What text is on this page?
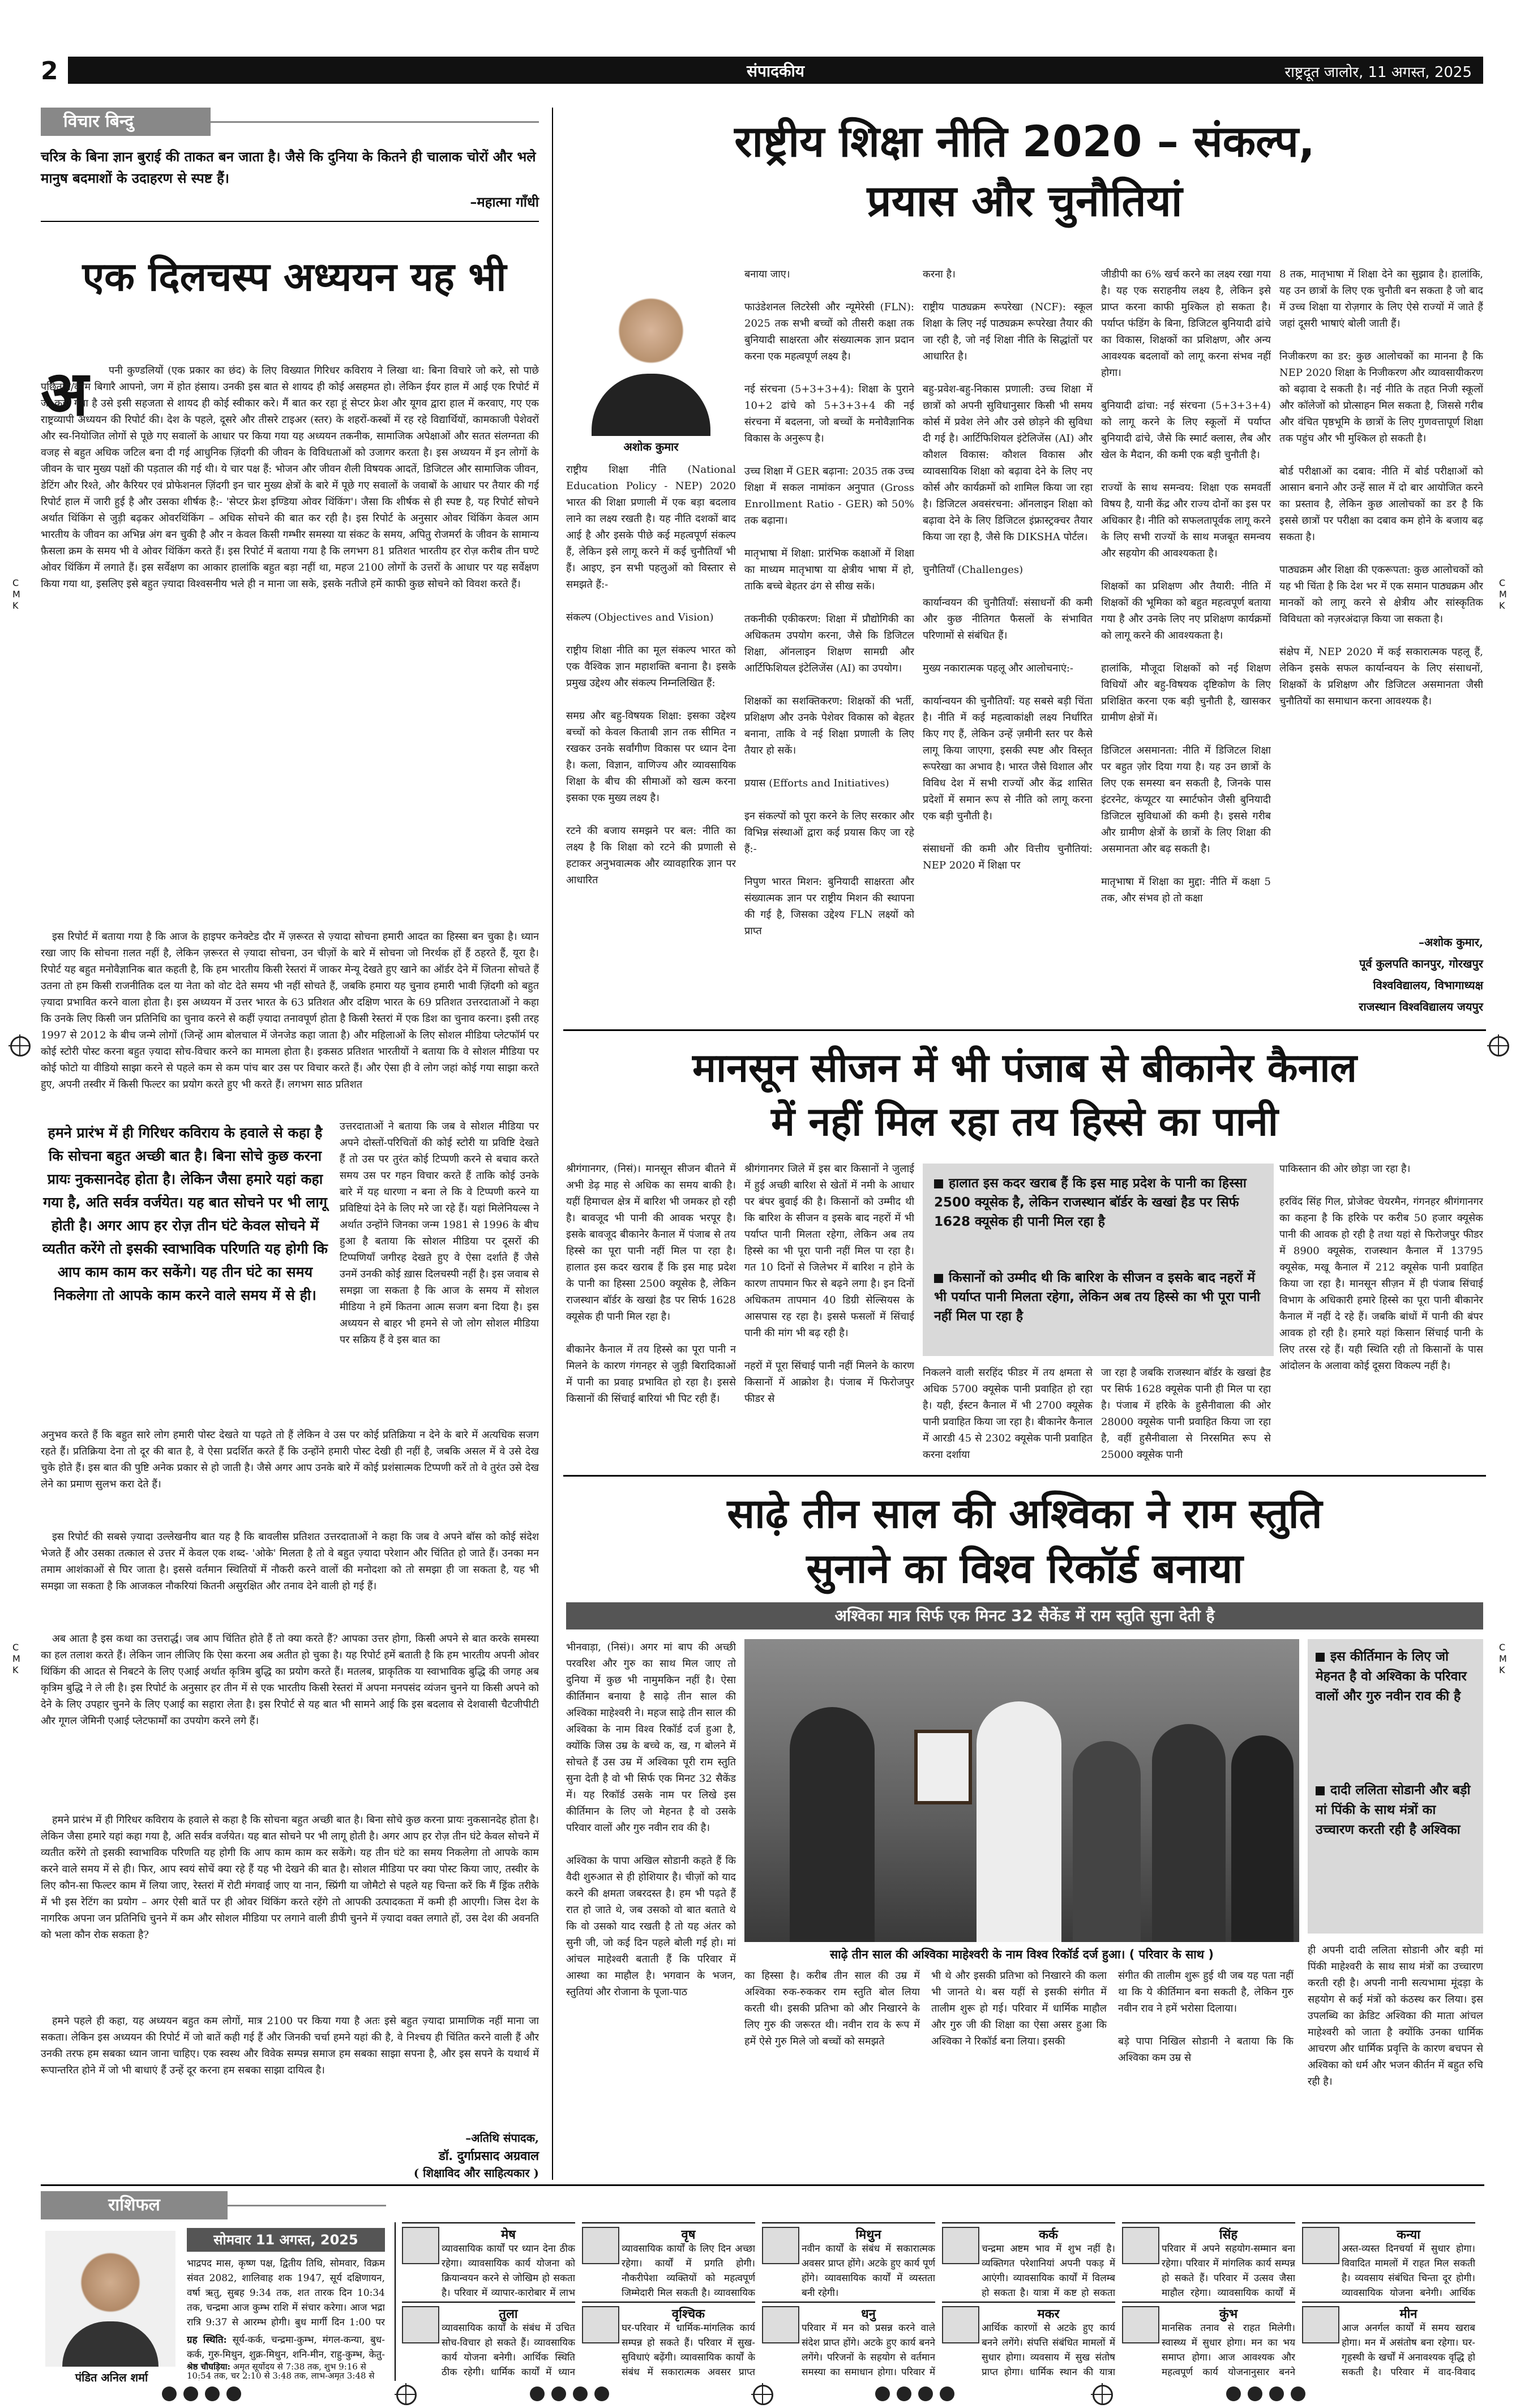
2	संपादकीय	राष्ट्रदूत जालोर, 11 अगस्त, 2025
CMK
CMK
CMK
CMK
विचार बिन्दु
चरित्र के बिना ज्ञान बुराई की ताकत बन जाता है। जैसे कि दुनिया के कितने ही चालाक चोरों और भले मानुष बदमाशों के उदाहरण से स्पष्ट हैं।
–महात्मा गाँधी
एक दिलचस्प अध्ययन यह भी
अ	पनी कुण्डलियों (एक प्रकार का छंद) के लिए विख्यात गिरिधर कविराय ने लिखा था: बिना विचारे जो करे, सो पाछे पछिताय/काम बिगारै आपनो, जग में होत हंसाय। उनकी इस बात से शायद ही कोई असहमत हो। लेकिन ईयर हाल में आई एक रिपोर्ट में जो कहा गया है उसे इसी सहजता से शायद ही कोई स्वीकार करेे। मैं बात कर रहा हूं सेप्टर फ्रेश और यूगव द्वारा हाल में करवाए, गए एक राष्ट्रव्यापी अध्ययन की रिपोर्ट की। देश के पहले, दूसरे और तीसरे टाइअर (स्तर) के शहरों-कस्बों में रह रहे विद्यार्थियों, कामकाजी पेशेवरों और स्व-नियोजित लोगों से पूछे गए सवालों के आधार पर किया गया यह अध्ययन तकनीक, सामाजिक अपेक्षाओं और सतत संलग्नता की वजह से बहुत अधिक जटिल बना दी गई आधुनिक ज़िंदगी की जीवन के विविधताओं को उजागर करता है। इस अध्ययन में इन लोगों के जीवन के चार मुख्य पक्षों की पड़ताल की गई थी। ये चार पक्ष हैं: भोजन और जीवन शैली विषयक आदतें, डिजिटल और सामाजिक जीवन, डेटिंग और रिश्ते, और कैरियर एवं प्रोफेशनल ज़िंदगी इन चार मुख्य क्षेत्रों के बारे में पूछे गए सवालों के जवाबों के आधार पर तैयार की गई रिपोर्ट हाल में जारी हुई है और उसका शीर्षक है:- 'सेप्टर फ्रेश इण्डिया ओवर थिंकिंग'। जैसा कि शीर्षक से ही स्पष्ट है, यह रिपोर्ट सोचने अर्थात थिंकिंग से जुड़ी बढ़कर ओवरथिंकिंग – अधिक सोचने की बात कर रही है। इस रिपोर्ट के अनुसार ओवर थिंकिंग केवल आम भारतीय के जीवन का अभिन्न अंग बन चुकी है और न केवल किसी गम्भीर समस्या या संकट के समय, अपितु रोजमर्रा के जीवन के सामान्य फ़ैसला क्रम के समय भी वे ओवर थिंकिंग करते हैं। इस रिपोर्ट में बताया गया है कि लगभग 81 प्रतिशत भारतीय हर रोज़ करीब तीन घण्टे ओवर थिंकिंग में लगाते हैं। इस सर्वेक्षण का आकार हालांकि बहुत बड़ा नहीं था, महज 2100 लोगों के उत्तरों के आधार पर यह सर्वेक्षण किया गया था, इसलिए इसे बहुत ज़्यादा विश्वसनीय भले ही न माना जा सके, इसके नतीजे हमें काफी कुछ सोचने को विवश करते हैं।
इस रिपोर्ट में बताया गया है कि आज के हाइपर कनेक्टेड दौर में ज़रूरत से ज़्यादा सोचना हमारी आदत का हिस्सा बन चुका है। ध्यान रखा जाए कि सोचना ग़लत नहीं है, लेकिन ज़रूरत से ज़्यादा सोचना, उन चीज़ों के बारे में सोचना जो निरर्थक हों हैं ठहरते हैं, यूरा है। रिपोर्ट यह बहुत मनोवैज्ञानिक बात कहती है, कि हम भारतीय किसी रेस्तरां में जाकर मेन्यू देखते हुए खाने का ऑर्डर देने में जितना सोचते हैं उतना तो हम किसी राजनीतिक दल या नेता को वोट देते समय भी नहीं सोचते हैं, जबकि हमारा यह चुनाव हमारी भावी ज़िंदगी को बहुत ज़्यादा प्रभावित करने वाला होता है। इस अध्ययन में उत्तर भारत के 63 प्रतिशत और दक्षिण भारत के 69 प्रतिशत उत्तरदाताओं ने कहा कि उनके लिए किसी जन प्रतिनिधि का चुनाव करने से कहीं ज़्यादा तनावपूर्ण होता है किसी रेस्तरां में एक डिश का चुनाव करना। इसी तरह 1997 से 2012 के बीच जन्मे लोगों (जिन्हें आम बोलचाल में जेनजेड कहा जाता है) और महिलाओं के लिए सोशल मीडिया प्लेटफॉर्म पर कोई स्टोरी पोस्ट करना बहुत ज़्यादा सोच-विचार करने का मामला होता है। इकसठ प्रतिशत भारतीयों ने बताया कि वे सोशल मीडिया पर कोई फोटो या वीडियो साझा करने से पहले कम से कम पांच बार उस पर विचार करते हैं। और ऐसा ही वे लोग जहां कोई गया साझा करते हुए, अपनी तस्वीर में किसी फिल्टर का प्रयोग करते हुए भी करते हैं। लगभग साठ प्रतिशत
हमने प्रारंभ में ही गिरिधर कविराय के हवाले से कहा है कि सोचना बहुत अच्छी बात है। बिना सोचे कुछ करना प्रायः नुकसानदेह होता है। लेकिन जैसा हमारे यहां कहा गया है, अति सर्वत्र वर्जयेत। यह बात सोचने पर भी लागू होती है। अगर आप हर रोज़ तीन घंटे केवल सोचने में व्यतीत करेंगे तो इसकी स्वाभाविक परिणति यह होगी कि आप काम काम कर सकेंगे। यह तीन घंटे का समय निकलेगा तो आपके काम करने वाले समय में से ही।
उत्तरदाताओं ने बताया कि जब वे सोशल मीडिया पर अपने दोस्तों-परिचितों की कोई स्टोरी या प्रविष्टि देखते हैं तो उस पर तुरंत कोई टिप्पणी करने से बचाव करते समय उस पर गहन विचार करते हैं ताकि कोई उनके बारे में यह धारणा न बना ले कि वे टिप्पणी करने या प्रविष्टियां देने के लिए मरे जा रहे हैं। यहां मिलेनियल्स ने अर्थात उन्होंने जिनका जन्म 1981 से 1996 के बीच हुआ है बताया कि सोशल मीडिया पर दूसरों की टिप्पणियाँ जगीरह देखते हुए वे ऐसा दर्शाते हैं जैसे उनमें उनकी कोई ख़ास दिलचस्पी नहीं है। इस जवाब से समझा जा सकता है कि आज के समय में सोशल मीडिया ने हमें कितना आत्म सजग बना दिया है। इस अध्ययन से बाहर भी हमने से जो लोग सोशल मीडिया पर सक्रिय हैं वे इस बात का
अनुभव करते हैं कि बहुत सारे लोग हमारी पोस्ट देखते या पढ़ते तो हैं लेकिन वे उस पर कोई प्रतिक्रिया न देने के बारे में अत्यधिक सजग रहते हैं। प्रतिक्रिया देना तो दूर की बात है, वे ऐसा प्रदर्शित करते हैं कि उन्होंने हमारी पोस्ट देखी ही नहीं है, जबकि असल में वे उसे देख चुके होते हैं। इस बात की पुष्टि अनेक प्रकार से हो जाती है। जैसे अगर आप उनके बारे में कोई प्रशंसात्मक टिप्पणी करें तो वे तुरंत उसे देख लेने का प्रमाण सुलभ करा देते हैं।
इस रिपोर्ट की सबसे ज़्यादा उल्लेखनीय बात यह है कि बावलीस प्रतिशत उत्तरदाताओं ने कहा कि जब वे अपने बॉस को कोई संदेश भेजते हैं और उसका तत्काल से उत्तर में केवल एक शब्द- 'ओके' मिलता है तो वे बहुत ज़्यादा परेशान और चिंतित हो जाते हैं। उनका मन तमाम आशंकाओं से घिर जाता है। इससे वर्तमान स्थितियों में नौकरी करने वालों की मनोदशा को तो समझा ही जा सकता है, यह भी समझा जा सकता है कि आजकल नौकरियां कितनी असुरक्षित और तनाव देने वाली हो गई हैं।
अब आता है इस कथा का उत्तरार्द्ध। जब आप चिंतित होते हैं तो क्या करते हैं? आपका उत्तर होगा, किसी अपने से बात करके समस्या का हल तलाश करते हैं। लेकिन जान लीजिए कि ऐसा करना अब अतीत हो चुका है। यह रिपोर्ट हमें बताती है कि हम भारतीय अपनी ओवर थिंकिंग की आदत से निबटने के लिए एआई अर्थात कृत्रिम बुद्धि का प्रयोग करते हैं। मतलब, प्राकृतिक या स्वाभाविक बुद्धि की जगह अब कृत्रिम बुद्धि ने ले ली है। इस रिपोर्ट के अनुसार हर तीन में से एक भारतीय किसी रेस्तरां में अपना मनपसंद व्यंजन चुनने या किसी अपने को देने के लिए उपहार चुनने के लिए एआई का सहारा लेता है। इस रिपोर्ट से यह बात भी सामने आई कि इस बदलाव से देशवासी चैटजीपीटी और गूगल जेमिनी एआई प्लेटफार्मों का उपयोग करने लगे हैं।
हमने प्रारंभ में ही गिरिधर कविराय के हवाले से कहा है कि सोचना बहुत अच्छी बात है। बिना सोचे कुछ करना प्रायः नुकसानदेह होता है। लेकिन जैसा हमारे यहां कहा गया है, अति सर्वत्र वर्जयेत। यह बात सोचने पर भी लागू होती है। अगर आप हर रोज़ तीन घंटे केवल सोचने में व्यतीत करेंगे तो इसकी स्वाभाविक परिणति यह होगी कि आप काम काम कर सकेंगे। यह तीन घंटे का समय निकलेगा तो आपके काम करने वाले समय में से ही। फिर, आप स्वयं सोचें क्या रहे हैं यह भी देखने की बात है। सोशल मीडिया पर क्या पोस्ट किया जाए, तस्वीर के लिए कौन-सा फिल्टर काम में लिया जाए, रेस्तरां में रोटी मंगवाई जाए या नान, स्प्रिंगी या जोमैटो से पहले यह चिन्ता करें कि मैं ड्रिंक तरीके में भी इस रेटिंग का प्रयोग – अगर ऐसी बातें पर ही ओवर थिंकिंग करते रहेंगे तो आपकी उत्पादकता में कमी ही आएगी। जिस देश के नागरिक अपना जन प्रतिनिधि चुनने में कम और सोशल मीडिया पर लगाने वाली डीपी चुनने में ज़्यादा वक्त लगाते हों, उस देश की अवनति को भला कौन रोक सकता है?
हमने पहले ही कहा, यह अध्ययन बहुत कम लोगों, मात्र 2100 पर किया गया है अतः इसे बहुत ज़्यादा प्रामाणिक नहीं माना जा सकता। लेकिन इस अध्ययन की रिपोर्ट में जो बातें कही गई हैं और जिनकी चर्चा हमने यहां की है, वे निश्चय ही चिंतित करने वाली हैं और उनकी तरफ हम सबका ध्यान जाना चाहिए। एक स्वस्थ और विवेक सम्पन्न समाज हम सबका साझा सपना है, और इस सपने के यथार्थ में रूपान्तरित होने में जो भी बाधाएं हैं उन्हें दूर करना हम सबका साझा दायित्व है।
–अतिथि संपादक,
डॉ. दुर्गाप्रसाद अग्रवाल
( शिक्षाविद और साहित्यकार )
राष्ट्रीय शिक्षा नीति 2020 – संकल्प,
प्रयास और चुनौतियां
अशोक कुमार
राष्ट्रीय शिक्षा नीति (National Education Policy - NEP) 2020 भारत की शिक्षा प्रणाली में एक बड़ा बदलाव लाने का लक्ष्य रखती है। यह नीति दशकों बाद आई है और इसके पीछे कई महत्वपूर्ण संकल्प हैं, लेकिन इसे लागू करने में कई चुनौतियाँ भी हैं। आइए, इन सभी पहलुओं को विस्तार से समझते हैं:-

संकल्प (Objectives and Vision)

राष्ट्रीय शिक्षा नीति का मूल संकल्प भारत को एक वैश्विक ज्ञान महाशक्ति बनाना है। इसके प्रमुख उद्देश्य और संकल्प निम्नलिखित हैं:

समग्र और बहु-विषयक शिक्षा: इसका उद्देश्य बच्चों को केवल किताबी ज्ञान तक सीमित न रखकर उनके सर्वांगीण विकास पर ध्यान देना है। कला, विज्ञान, वाणिज्य और व्यावसायिक शिक्षा के बीच की सीमाओं को खत्म करना इसका एक मुख्य लक्ष्य है।

रटने की बजाय समझने पर बल: नीति का लक्ष्य है कि शिक्षा को रटने की प्रणाली से हटाकर अनुभवात्मक और व्यावहारिक ज्ञान पर आधारित
बनाया जाए।

फाउंडेशनल लिटरेसी और न्यूमेरेसी (FLN): 2025 तक सभी बच्चों को तीसरी कक्षा तक बुनियादी साक्षरता और संख्यात्मक ज्ञान प्रदान करना एक महत्वपूर्ण लक्ष्य है।

नई संरचना (5+3+3+4): शिक्षा के पुराने 10+2 ढांचे को 5+3+3+4 की नई संरचना में बदलना, जो बच्चों के मनोवैज्ञानिक विकास के अनुरूप है।

उच्च शिक्षा में GER बढ़ाना: 2035 तक उच्च शिक्षा में सकल नामांकन अनुपात (Gross Enrollment Ratio - GER) को 50% तक बढ़ाना।

मातृभाषा में शिक्षा: प्रारंभिक कक्षाओं में शिक्षा का माध्यम मातृभाषा या क्षेत्रीय भाषा में हो, ताकि बच्चे बेहतर ढंग से सीख सकें।

तकनीकी एकीकरण: शिक्षा में प्रौद्योगिकी का अधिकतम उपयोग करना, जैसे कि डिजिटल शिक्षा, ऑनलाइन शिक्षण सामग्री और आर्टिफिशियल इंटेलिजेंस (AI) का उपयोग।

शिक्षकों का सशक्तिकरण: शिक्षकों की भर्ती, प्रशिक्षण और उनके पेशेवर विकास को बेहतर बनाना, ताकि वे नई शिक्षा प्रणाली के लिए तैयार हो सकें।

प्रयास (Efforts and Initiatives)

इन संकल्पों को पूरा करने के लिए सरकार और विभिन्न संस्थाओं द्वारा कई प्रयास किए जा रहे हैं:-

निपुण भारत मिशन: बुनियादी साक्षरता और संख्यात्मक ज्ञान पर राष्ट्रीय मिशन की स्थापना की गई है, जिसका उद्देश्य FLN लक्ष्यों को प्राप्त
करना है।

राष्ट्रीय पाठ्यक्रम रूपरेखा (NCF): स्कूल शिक्षा के लिए नई पाठ्यक्रम रूपरेखा तैयार की जा रही है, जो नई शिक्षा नीति के सिद्धांतों पर आधारित है।

बहु-प्रवेश-बहु-निकास प्रणाली: उच्च शिक्षा में छात्रों को अपनी सुविधानुसार किसी भी समय कोर्स में प्रवेश लेने और उसे छोड़ने की सुविधा दी गई है। आर्टिफिशियल इंटेलिजेंस (AI) और कौशल विकास: कौशल विकास और व्यावसायिक शिक्षा को बढ़ावा देने के लिए नए कोर्स और कार्यक्रमों को शामिल किया जा रहा है। डिजिटल अवसंरचना: ऑनलाइन शिक्षा को बढ़ावा देने के लिए डिजिटल इंफ्रास्ट्रक्चर तैयार किया जा रहा है, जैसे कि DIKSHA पोर्टल।

चुनौतियाँ (Challenges)

कार्यान्वयन की चुनौतियाँ: संसाधनों की कमी और कुछ नीतिगत फैसलों के संभावित परिणामों से संबंधित हैं।

मुख्य नकारात्मक पहलू और आलोचनाएं:-

कार्यान्वयन की चुनौतियाँ: यह सबसे बड़ी चिंता है। नीति में कई महत्वाकांक्षी लक्ष्य निर्धारित किए गए हैं, लेकिन उन्हें ज़मीनी स्तर पर कैसे लागू किया जाएगा, इसकी स्पष्ट और विस्तृत रूपरेखा का अभाव है। भारत जैसे विशाल और विविध देश में सभी राज्यों और केंद्र शासित प्रदेशों में समान रूप से नीति को लागू करना एक बड़ी चुनौती है।

संसाधनों की कमी और वित्तीय चुनौतियां: NEP 2020 में शिक्षा पर
जीडीपी का 6% खर्च करने का लक्ष्य रखा गया है। यह एक सराहनीय लक्ष्य है, लेकिन इसे प्राप्त करना काफी मुश्किल हो सकता है। पर्याप्त फंडिंग के बिना, डिजिटल बुनियादी ढांचे का विकास, शिक्षकों का प्रशिक्षण, और अन्य आवश्यक बदलावों को लागू करना संभव नहीं होगा।

बुनियादी ढांचा: नई संरचना (5+3+3+4) को लागू करने के लिए स्कूलों में पर्याप्त बुनियादी ढांचे, जैसे कि स्मार्ट क्लास, लैब और खेल के मैदान, की कमी एक बड़ी चुनौती है।

राज्यों के साथ समन्वय: शिक्षा एक समवर्ती विषय है, यानी केंद्र और राज्य दोनों का इस पर अधिकार है। नीति को सफलतापूर्वक लागू करने के लिए सभी राज्यों के साथ मजबूत समन्वय और सहयोग की आवश्यकता है।

शिक्षकों का प्रशिक्षण और तैयारी: नीति में शिक्षकों की भूमिका को बहुत महत्वपूर्ण बताया गया है और उनके लिए नए प्रशिक्षण कार्यक्रमों को लागू करने की आवश्यकता है।

हालांकि, मौजूदा शिक्षकों को नई शिक्षण विधियों और बहु-विषयक दृष्टिकोण के लिए प्रशिक्षित करना एक बड़ी चुनौती है, खासकर ग्रामीण क्षेत्रों में।

डिजिटल असमानता: नीति में डिजिटल शिक्षा पर बहुत ज़ोर दिया गया है। यह उन छात्रों के लिए एक समस्या बन सकती है, जिनके पास इंटरनेट, कंप्यूटर या स्मार्टफोन जैसी बुनियादी डिजिटल सुविधाओं की कमी है। इससे गरीब और ग्रामीण क्षेत्रों के छात्रों के लिए शिक्षा की असमानता और बढ़ सकती है।

मातृभाषा में शिक्षा का मुद्दा: नीति में कक्षा 5 तक, और संभव हो तो कक्षा
8 तक, मातृभाषा में शिक्षा देने का सुझाव है। हालांकि, यह उन छात्रों के लिए एक चुनौती बन सकता है जो बाद में उच्च शिक्षा या रोज़गार के लिए ऐसे राज्यों में जाते हैं जहां दूसरी भाषाएं बोली जाती हैं।

निजीकरण का डर: कुछ आलोचकों का मानना है कि NEP 2020 शिक्षा के निजीकरण और व्यावसायीकरण को बढ़ावा दे सकती है। नई नीति के तहत निजी स्कूलों और कॉलेजों को प्रोत्साहन मिल सकता है, जिससे गरीब और वंचित पृष्ठभूमि के छात्रों के लिए गुणवत्तापूर्ण शिक्षा तक पहुंच और भी मुश्किल हो सकती है।

बोर्ड परीक्षाओं का दबाव: नीति में बोर्ड परीक्षाओं को आसान बनाने और उन्हें साल में दो बार आयोजित करने का प्रस्ताव है, लेकिन कुछ आलोचकों का डर है कि इससे छात्रों पर परीक्षा का दबाव कम होने के बजाय बढ़ सकता है।

पाठ्यक्रम और शिक्षा की एकरूपता: कुछ आलोचकों को यह भी चिंता है कि देश भर में एक समान पाठ्यक्रम और मानकों को लागू करने से क्षेत्रीय और सांस्कृतिक विविधता को नज़रअंदाज़ किया जा सकता है।

संक्षेप में, NEP 2020 में कई सकारात्मक पहलू हैं, लेकिन इसके सफल कार्यान्वयन के लिए संसाधनों, शिक्षकों के प्रशिक्षण और डिजिटल असमानता जैसी चुनौतियों का समाधान करना आवश्यक है।
–अशोक कुमार,
पूर्व कुलपति कानपुर, गोरखपुर
विश्वविद्यालय, विभागाध्यक्ष
राजस्थान विश्वविद्यालय जयपुर
मानसून सीजन में भी पंजाब से बीकानेर कैनाल
में नहीं मिल रहा तय हिस्से का पानी
श्रीगंगानगर, (निसं)। मानसून सीजन बीतने में अभी डेढ़ माह से अधिक का समय बाकी है। यहीं हिमाचल क्षेत्र में बारिश भी जमकर हो रही है। बावजूद भी पानी की आवक भरपूर है। इसके बावजूद बीकानेर कैनाल में पंजाब से तय हिस्से का पूरा पानी नहीं मिल पा रहा है। हालात इस कदर खराब हैं कि इस माह प्रदेश के पानी का हिस्सा 2500 क्यूसेक है, लेकिन राजस्थान बॉर्डर के खखां हैड पर सिर्फ 1628 क्यूसेक ही पानी मिल रहा है।

बीकानेर कैनाल में तय हिस्से का पूरा पानी न मिलने के कारण गंगनहर से जुड़ी बिरादिकाओं में पानी का प्रवाह प्रभावित हो रहा है। इससे किसानों की सिंचाई बारियां भी पिट रही हैं।
श्रीगंगानगर जिले में इस बार किसानों ने जुलाई में हुई अच्छी बारिश से खेतों में नमी के आधार पर बंपर बुवाई की है। किसानों को उम्मीद थी कि बारिश के सीजन व इसके बाद नहरों में भी पर्याप्त पानी मिलता रहेगा, लेकिन अब तय हिस्से का भी पूरा पानी नहीं मिल पा रहा है। गत 10 दिनों से जिलेभर में बारिश न होने के कारण तापमान फिर से बढ़ने लगा है। इन दिनों अधिकतम तापमान 40 डिग्री सेल्सियस के आसपास रह रहा है। इससे फसलों में सिंचाई पानी की मांग भी बढ़ रही है।

नहरों में पूरा सिंचाई पानी नहीं मिलने के कारण किसानों में आक्रोश है। पंजाब में फिरोजपुर फीडर से
हालात इस कदर खराब हैं कि इस माह प्रदेश के पानी का हिस्सा 2500 क्यूसेक है, लेकिन राजस्थान बॉर्डर के खखां हैड पर सिर्फ 1628 क्यूसेक ही पानी मिल रहा है
किसानों को उम्मीद थी कि बारिश के सीजन व इसके बाद नहरों में भी पर्याप्त पानी मिलता रहेगा, लेकिन अब तय हिस्से का भी पूरा पानी नहीं मिल पा रहा है
निकलने वाली सरहिंद फीडर में तय क्षमता से अधिक 5700 क्यूसेक पानी प्रवाहित हो रहा है। यही, ईस्टन कैनाल में भी 2700 क्यूसेक पानी प्रवाहित किया जा रहा है। बीकानेर कैनाल में आरडी 45 से 2302 क्यूसेक पानी प्रवाहित करना दर्शाया
जा रहा है जबकि राजस्थान बॉर्डर के खखां हैड पर सिर्फ 1628 क्यूसेक पानी ही मिल पा रहा है। पंजाब में हरिके के हुसैनीवाला की ओर 28000 क्यूसेक पानी प्रवाहित किया जा रहा है, वहीं हुसैनीवाला से निरसमित रूप से 25000 क्यूसेक पानी
पाकिस्तान की ओर छोड़ा जा रहा है।

हरविंद सिंह गिल, प्रोजेक्ट चेयरमैन, गंगनहर श्रीगंगानगर का कहना है कि हरिके पर करीब 50 हजार क्यूसेक पानी की आवक हो रही है तथा यहां से फिरोजपुर फीडर में 8900 क्यूसेक, राजस्थान कैनाल में 13795 क्यूसेक, मखू कैनाल में 212 क्यूसेक पानी प्रवाहित किया जा रहा है। मानसून सीज़न में ही पंजाब सिंचाई विभाग के अधिकारी हमारे हिस्से का पूरा पानी बीकानेर कैनाल में नहीं दे रहे हैं। जबकि बांधों में पानी की बंपर आवक हो रही है। हमारे यहां किसान सिंचाई पानी के लिए तरस रहे हैं। यही स्थिति रही तो किसानों के पास आंदोलन के अलावा कोई दूसरा विकल्प नहीं है।
साढ़े तीन साल की अश्विका ने राम स्तुति
सुनाने का विश्व रिकॉर्ड बनाया
अश्विका मात्र सिर्फ एक मिनट 32 सैकेंड में राम स्तुति सुना देती है
भीनवाड़ा, (निसं)। अगर मां बाप की अच्छी परवरिश और गुरु का साथ मिल जाए तो दुनिया में कुछ भी नामुमकिन नहीं है। ऐसा कीर्तिमान बनाया है साढ़े तीन साल की अश्विका माहेश्वरी ने। महज साढ़े तीन साल की अश्विका के नाम विश्व रिकॉर्ड दर्ज हुआ है, क्योंकि जिस उम्र के बच्चे क, ख, ग बोलने में सोचते हैं उस उम्र में अश्विका पूरी राम स्तुति सुना देती है वो भी सिर्फ एक मिनट 32 सैकेंड में। यह रिकॉर्ड उसके नाम पर लिखे इस कीर्तिमान के लिए जो मेहनत है वो उसके परिवार वालों और गुरु नवीन राव की है।

अश्विका के पापा अखिल सोडानी कहते हैं कि वैदी शुरुआत से ही होशियार है। चीज़ों को याद करने की क्षमता जबरदस्त है। हम भी पढ़ते हैं रात हो जाते थे, जब उसको वो बात बताते थे कि वो उसको याद रखती है तो यह अंतर को सुनी जी, जो कई दिन पहले बोली गई हो। मां आंचल माहेश्वरी बताती हैं कि परिवार में आस्था का माहौल है। भगवान के भजन, स्तुतियां और रोजाना के पूजा-पाठ
साढ़े तीन साल की अश्विका माहेश्वरी के नाम विश्व रिकॉर्ड दर्ज हुआ। ( परिवार के साथ )
इस कीर्तिमान के लिए जो मेहनत है वो अश्विका के परिवार वालों और गुरु नवीन राव की है
दादी ललिता सोडानी और बड़ी मां पिंकी के साथ मंत्रों का उच्चारण करती रही है अश्विका
ही अपनी दादी ललिता सोडानी और बड़ी मां पिंकी माहेश्वरी के साथ साथ मंत्रों का उच्चारण करती रही है। अपनी नानी सत्यभामा मूंदड़ा के सहयोग से कई मंत्रों को कंठस्थ कर लिया। इस उपलब्धि का क्रेडिट अश्विका की माता आंचल माहेश्वरी को जाता है क्योंकि उनका धार्मिक आचरण और धार्मिक प्रवृत्ति के कारण बचपन से अश्विका को धर्म और भजन कीर्तन में बहुत रुचि रही है।
का हिस्सा है। करीब तीन साल की उम्र में अश्विका रुक-रुककर राम स्तुति बोल लिया करती थी। इसकी प्रतिभा को और निखारने के लिए गुरु की जरूरत थी। नवीन राव के रूप में हमें ऐसे गुरु मिले जो बच्चों को समझते
भी थे और इसकी प्रतिभा को निखारने की कला भी जानते थे। बस यहीं से इसकी संगीत में तालीम शुरू हो गई। परिवार में धार्मिक माहौल और गुरु जी की शिक्षा का ऐसा असर हुआ कि अश्विका ने रिकॉर्ड बना लिया। इसकी
संगीत की तालीम शुरू हुई थी जब यह पता नहीं था कि ये कीर्तिमान बना सकती है, लेकिन गुरु नवीन राव ने हमें भरोसा दिलाया।

बड़े पापा निखिल सोडानी ने बताया कि कि अश्विका कम उम्र से
राशिफल
पंडित अनिल शर्मा
सोमवार 11 अगस्त, 2025
भाद्रपद मास, कृष्ण पक्ष, द्वितीय तिथि, सोमवार, विक्रम संवत 2082, शालिवाह शक 1947, सूर्य दक्षिणायन, वर्षा ऋतु, सुबह 9:34 तक, शत तारक दिन 10:34 तक, चन्द्रमा आज कुम्भ राशि में संचार करेगा। आज भद्रा रात्रि 9:37 से आरम्भ होगी। बुध मार्गी दिन 1:00 पर
ग्रह स्थिति: सूर्य-कर्क, चन्द्रमा-कुम्भ, मंगल-कन्या, बुध-कर्क, गुरु-मिथुन, शुक्र-मिथुन, शनि-मीन, राहु-कुम्भ, केतु-
मेष
व्यावसायिक कार्यों पर ध्यान देना ठीक रहेगा। व्यावसायिक कार्य योजना को क्रियान्वयन करने से जोखिम हो सकता है। परिवार में व्यापार-कारोबार में लाभ
वृष
व्यावसायिक कार्यों के लिए दिन अच्छा रहेगा। कार्यों में प्रगति होगी। नौकरीपेशा व्यक्तियों को महत्वपूर्ण जिम्मेदारी मिल सकती है। व्यावसायिक
मिथुन
नवीन कार्यों के संबंध में सकारात्मक अवसर प्राप्त होंगे। अटके हुए कार्य पूर्ण होंगे। व्यावसायिक कार्यों में व्यस्तता बनी रहेगी।
कर्क
चन्द्रमा अष्टम भाव में शुभ नहीं है। व्यक्तिगत परेशानियां अपनी पकड़ में आएंगी। व्यावसायिक कार्यों में विलम्ब हो सकता है। यात्रा में कष्ट हो सकता
सिंह
परिवार में अपने सहयोग-सम्मान बना रहेगा। परिवार में मांगलिक कार्य सम्पन्न हो सकते हैं। परिवार में उत्सव जैसा माहौल रहेगा। व्यावसायिक कार्यों में
कन्या
अस्त-व्यस्त दिनचर्या में सुधार होगा। विवादित मामलों में राहत मिल सकती है। व्यवसाय संबंधित चिन्ता दूर होगी। व्यावसायिक योजना बनेगी। आर्थिक
तुला
व्यावसायिक कार्यों के संबंध में उचित सोच-विचार हो सकते हैं। व्यावसायिक कार्य योजना बनेगी। आर्थिक स्थिति ठीक रहेगी। धार्मिक कार्यों में ध्यान
वृश्चिक
घर-परिवार में धार्मिक-मांगलिक कार्य सम्पन्न हो सकते हैं। परिवार में सुख-सुविधाएं बढ़ेंगी। व्यावसायिक कार्यों के संबंध में सकारात्मक अवसर प्राप्त
धनु
परिवार में मन को प्रसन्न करने वाले संदेश प्राप्त होंगे। अटके हुए कार्य बनने लगेंगे। परिजनों के सहयोग से वर्तमान समस्या का समाधान होगा। परिवार में
मकर
आर्थिक कारणों से अटके हुए कार्य बनने लगेंगे। संपत्ति संबंधित मामलों में सुधार होगा। व्यवसाय में सुख संतोष प्राप्त होगा। धार्मिक स्थान की यात्रा
कुंभ
मानसिक तनाव से राहत मिलेगी। स्वास्थ्य में सुधार होगा। मन का भय समाप्त होगा। आज आवश्यक और महत्वपूर्ण कार्य योजनानुसार बनने
मीन
आज अनर्गल कार्यों में समय खराब होगा। मन में असंतोष बना रहेगा। घर-गृहस्थी के खर्चों में अनावश्यक वृद्धि हो सकती है। परिवार में वाद-विवाद
श्रेष्ठ चौघड़िया: अमृत सूर्योदय से 7:38 तक, शुभ 9:16 से 10:54 तक, चर 2:10 से 3:48 तक, लाभ-अमृत 3:48 से
